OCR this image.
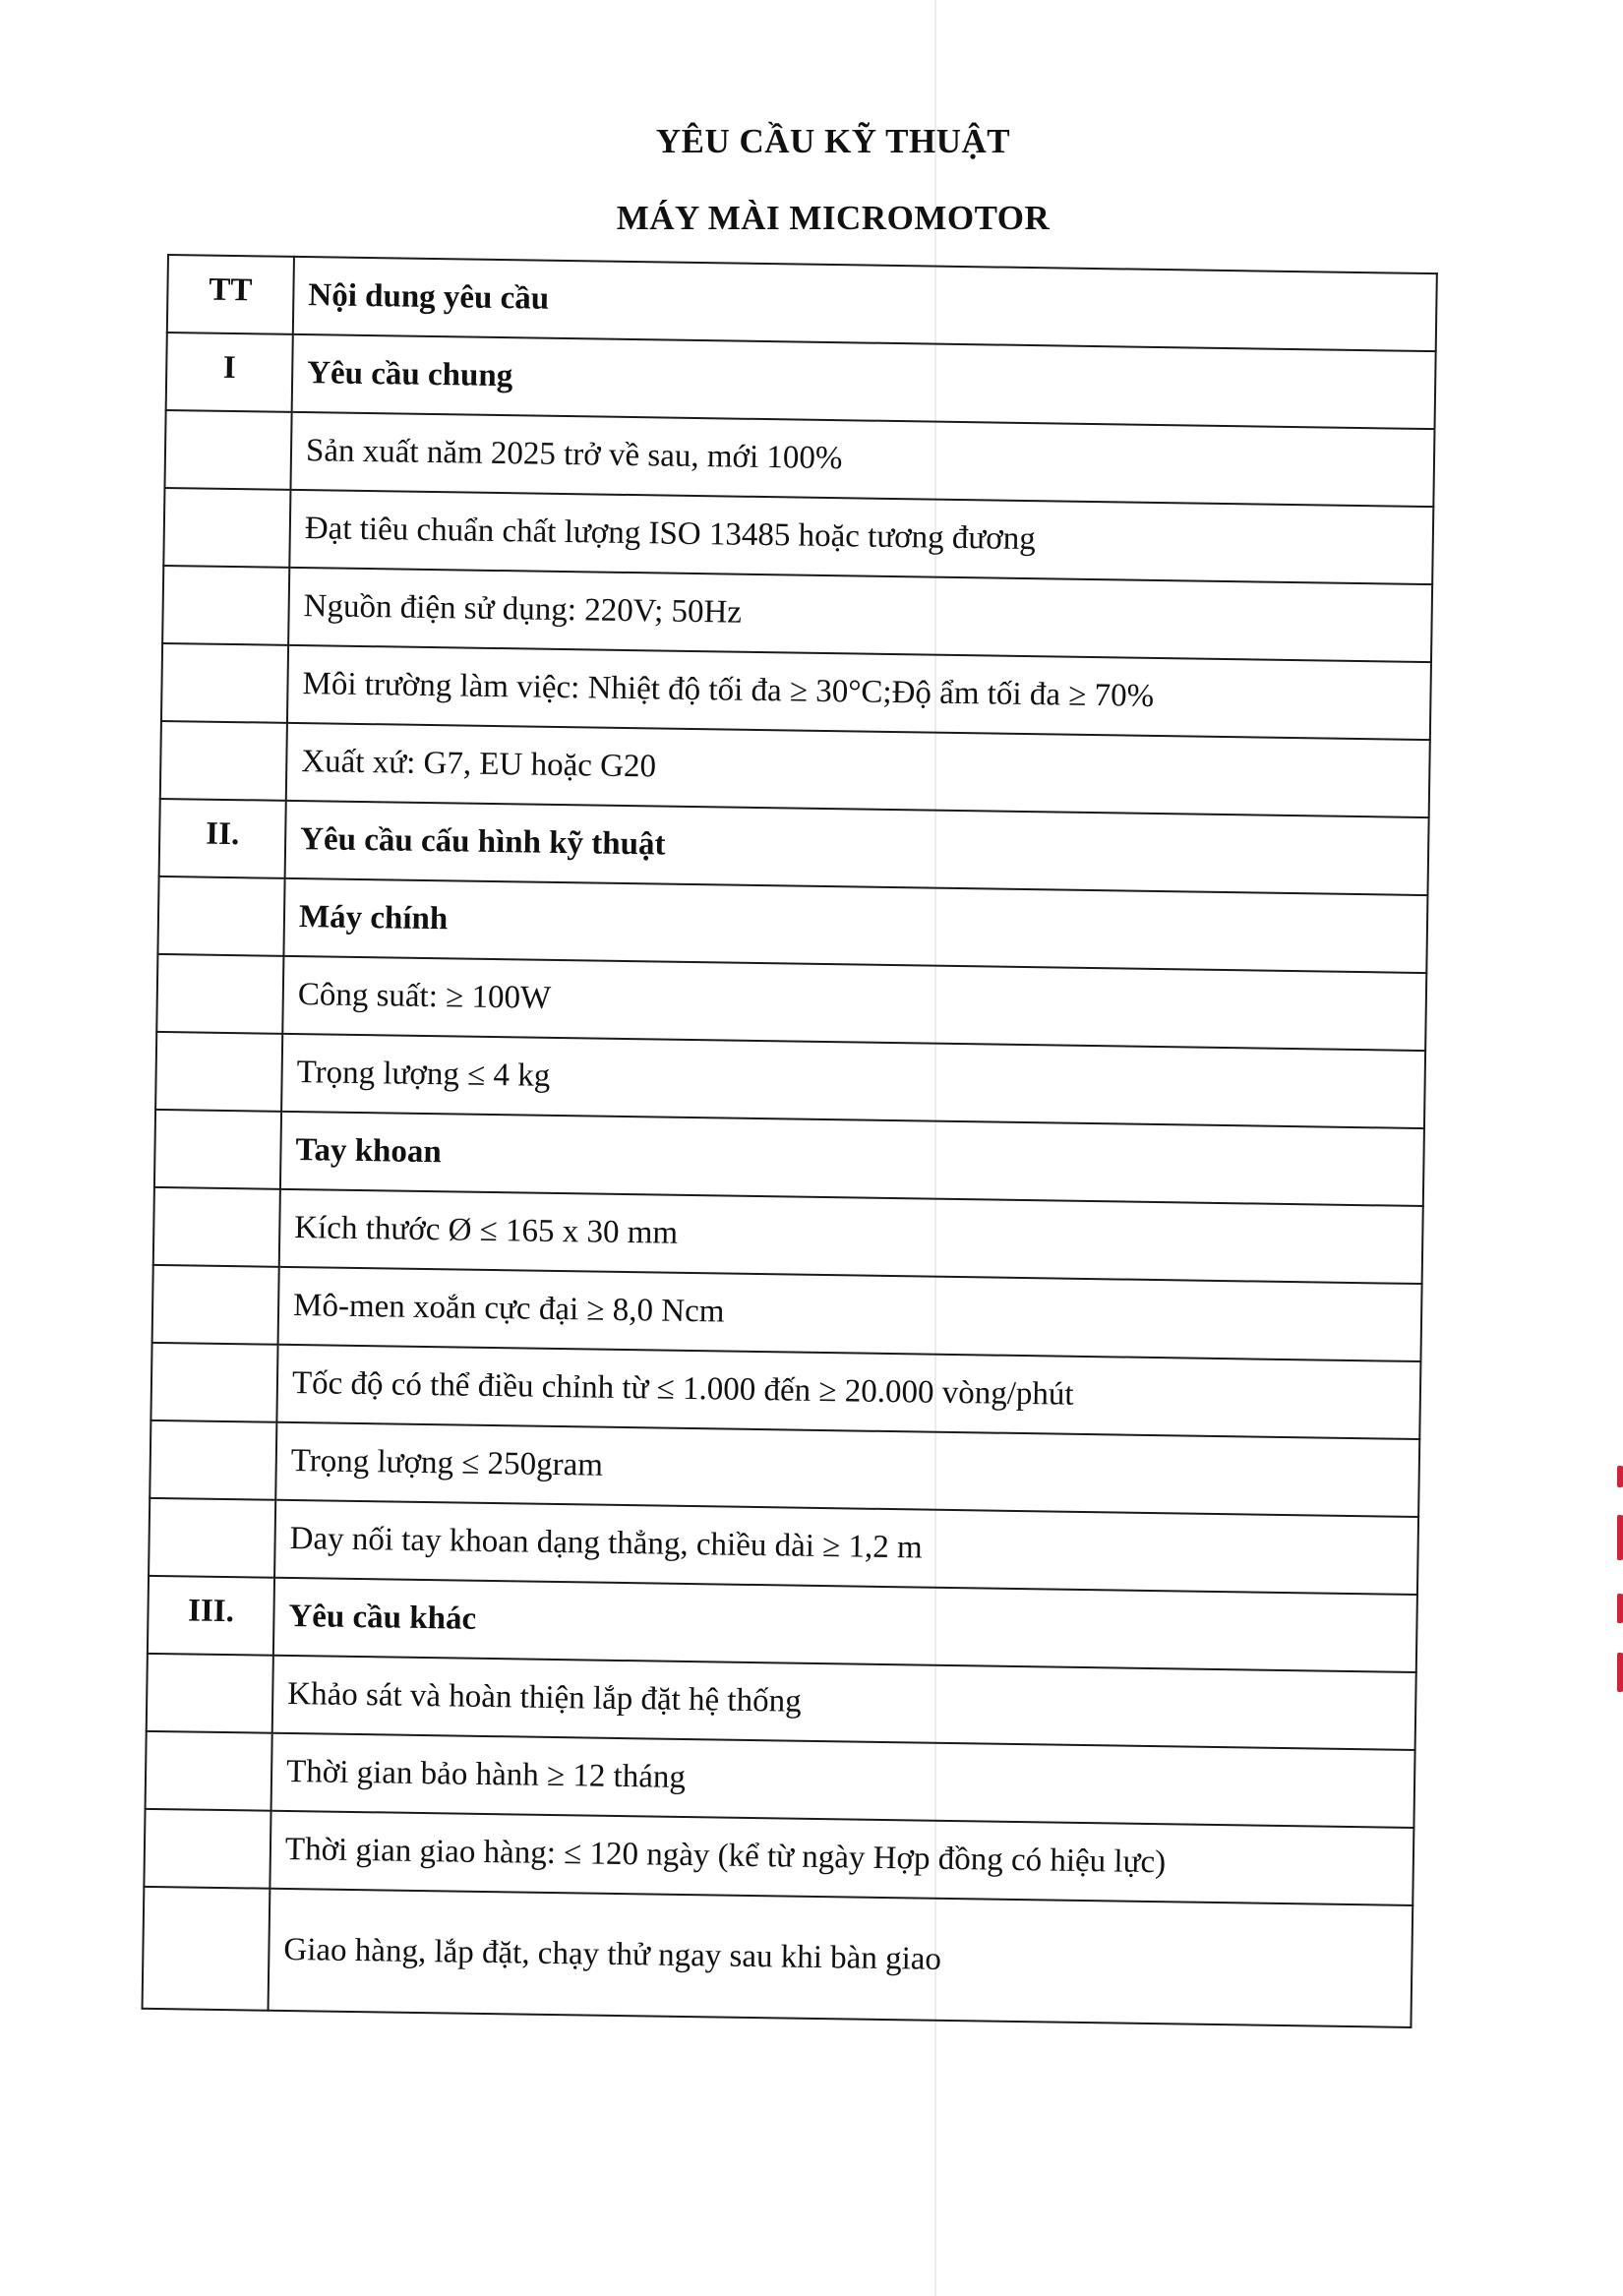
YÊU CẦU KỸ THUẬT
MÁY MÀI MICROMOTOR
TT	Nội dung yêu cầu
I	Yêu cầu chung
	Sản xuất năm 2025 trở về sau, mới 100%
	Đạt tiêu chuẩn chất lượng ISO 13485 hoặc tương đương
	Nguồn điện sử dụng: 220V; 50Hz
	Môi trường làm việc: Nhiệt độ tối đa ≥ 30°C;Độ ẩm tối đa ≥ 70%
	Xuất xứ: G7, EU hoặc G20
II.	Yêu cầu cấu hình kỹ thuật
	Máy chính
	Công suất: ≥ 100W
	Trọng lượng ≤ 4 kg
	Tay khoan
	Kích thước Ø ≤ 165 x 30 mm
	Mô-men xoắn cực đại ≥ 8,0 Ncm
	Tốc độ có thể điều chỉnh từ ≤ 1.000 đến ≥ 20.000 vòng/phút
	Trọng lượng ≤ 250gram
	Day nối tay khoan dạng thẳng, chiều dài ≥ 1,2 m
III.	Yêu cầu khác
	Khảo sát và hoàn thiện lắp đặt hệ thống
	Thời gian bảo hành ≥ 12 tháng
	Thời gian giao hàng: ≤ 120 ngày (kể từ ngày Hợp đồng có hiệu lực)
	Giao hàng, lắp đặt, chạy thử ngay sau khi bàn giao
